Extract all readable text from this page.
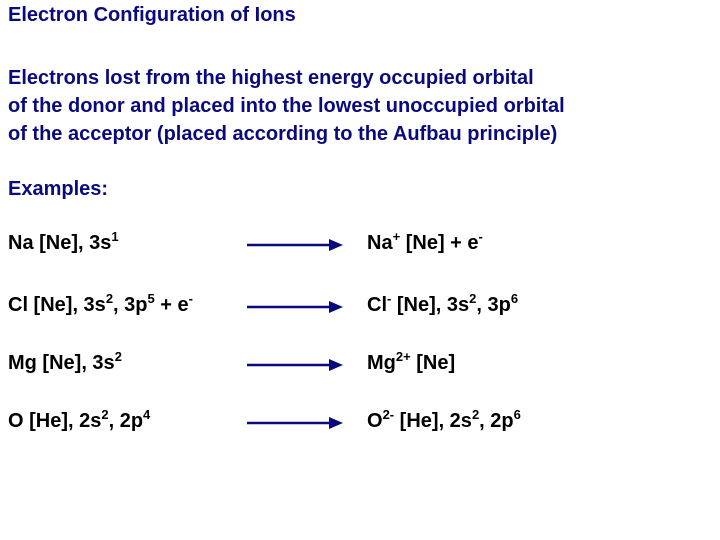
Electron Configuration of Ions
Electrons lost from the highest energy occupied orbital
of the donor and placed into the lowest unoccupied orbital
of the acceptor (placed according to the Aufbau principle)
Examples:
Na [Ne], $3s^1$	Na+ [Ne] + e-
Cl [Ne], $3s^2$, $3p^5 + e^-$	Cl- [Ne], $3s^2$, $3p^6$
Mg [Ne], $3s^2$	$Mg^{2+}$ [Ne]
O [He], $2s^2$, $2p^4$	$O^{2-}$ [He], $2s^2$, $2p^6$
